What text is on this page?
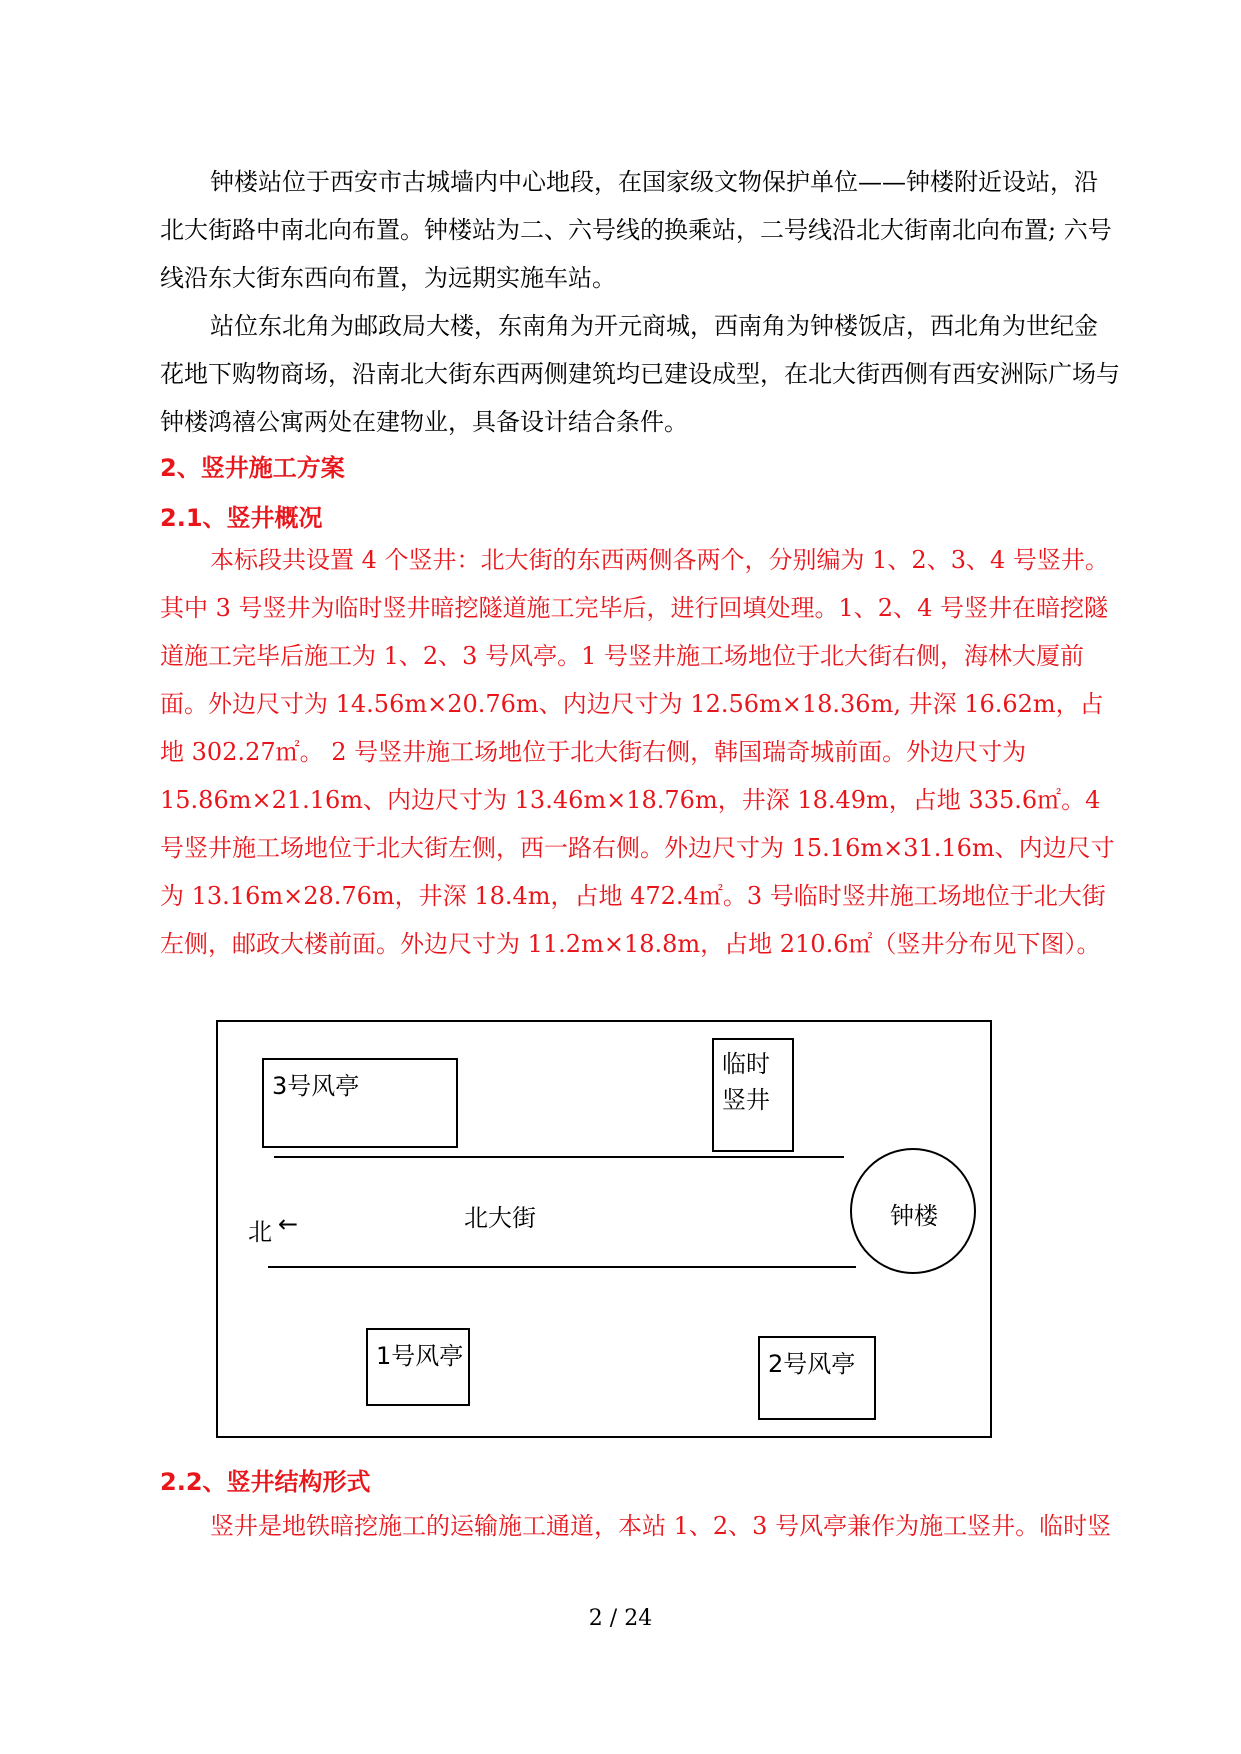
钟楼站位于西安市古城墙内中心地段，在国家级文物保护单位——钟楼附近设站，沿北大街路中南北向布置。钟楼站为二、六号线的换乘站，二号线沿北大街南北向布置; 六号线沿东大街东西向布置，为远期实施车站。

站位东北角为邮政局大楼，东南角为开元商城，西南角为钟楼饭店，西北角为世纪金花地下购物商场，沿南北大街东西两侧建筑均已建设成型，在北大街西侧有西安洲际广场与钟楼鸿禧公寓两处在建物业，具备设计结合条件。

2、竖井施工方案
2.1、竖井概况

本标段共设置 4 个竖井：北大街的东西两侧各两个，分别编为 1、2、3、4 号竖井。其中 3 号竖井为临时竖井暗挖隧道施工完毕后，进行回填处理。1、2、4 号竖井在暗挖隧道施工完毕后施工为 1、2、3 号风亭。1 号竖井施工场地位于北大街右侧，海林大厦前面。外边尺寸为 14.56m×20.76m、内边尺寸为 12.56m×18.36m, 井深 16.62m，占地 302.27㎡。 2 号竖井施工场地位于北大街右侧，韩国瑞奇城前面。外边尺寸为 15.86m×21.16m、内边尺寸为 13.46m×18.76m，井深 18.49m，占地 335.6㎡。4 号竖井施工场地位于北大街左侧，西一路右侧。外边尺寸为 15.16m×31.16m、内边尺寸为 13.16m×28.76m，井深 18.4m，占地 472.4㎡。3 号临时竖井施工场地位于北大街左侧，邮政大楼前面。外边尺寸为 11.2m×18.8m，占地 210.6㎡（竖井分布见下图）。

3号风亭
临时竖井
北 ←	北大街	钟楼
1号风亭	2号风亭
2.2、竖井结构形式

竖井是地铁暗挖施工的运输施工通道，本站 1、2、3 号风亭兼作为施工竖井。临时竖

2 / 24
